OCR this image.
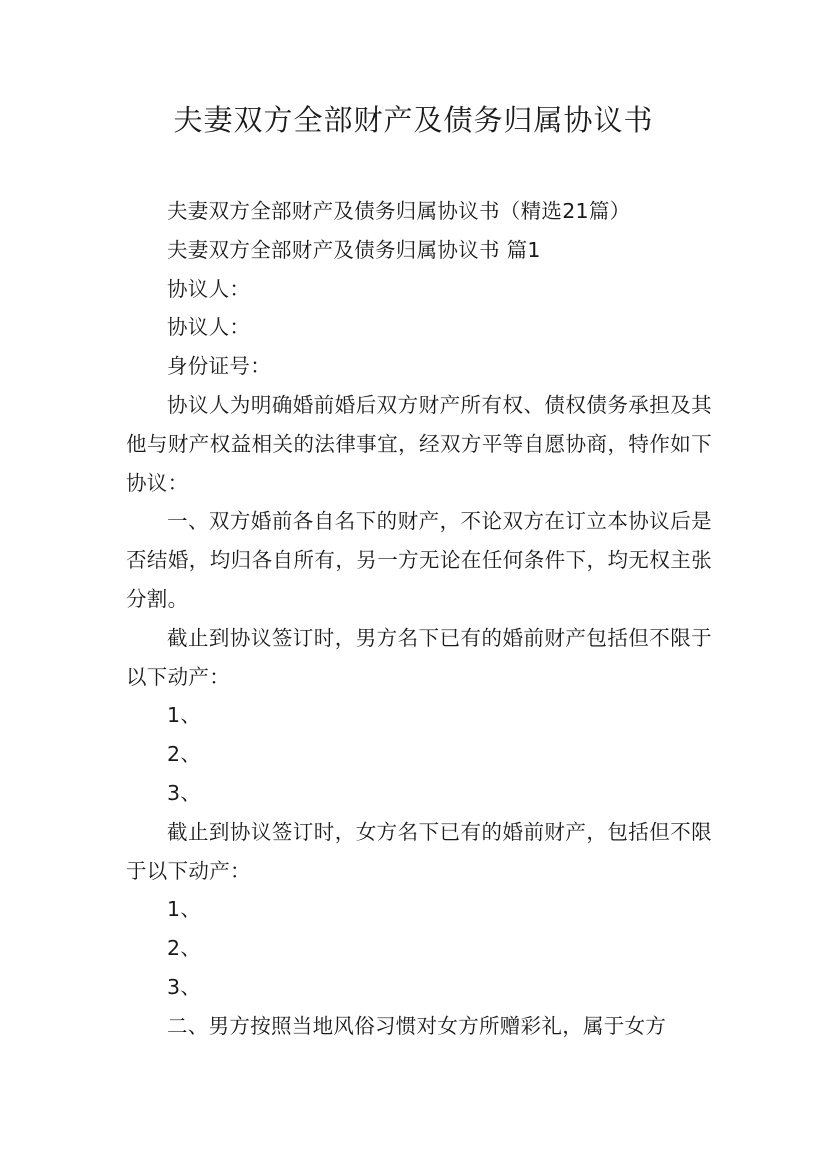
夫妻双方全部财产及债务归属协议书

夫妻双方全部财产及债务归属协议书（精选21篇）

夫妻双方全部财产及债务归属协议书 篇1

协议人：

协议人：

身份证号：

协议人为明确婚前婚后双方财产所有权、债权债务承担及其他与财产权益相关的法律事宜，经双方平等自愿协商，特作如下协议：

一、双方婚前各自名下的财产，不论双方在订立本协议后是否结婚，均归各自所有，另一方无论在任何条件下，均无权主张分割。

截止到协议签订时，男方名下已有的婚前财产包括但不限于以下动产：

1、

2、

3、

截止到协议签订时，女方名下已有的婚前财产，包括但不限于以下动产：

1、

2、

3、

二、男方按照当地风俗习惯对女方所赠彩礼，属于女方
